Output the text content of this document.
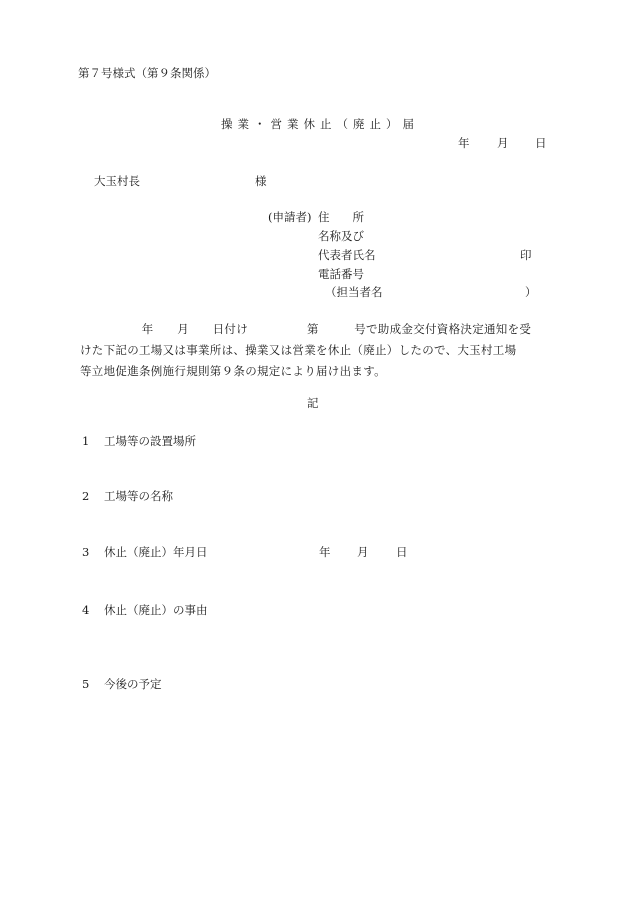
第７号様式（第９条関係）
操業・営業休止（廃止）届
年 月 日
大玉村長	様
(申請者) 住　　所
名称及び
代表者氏名	印
電話番号
（担当者名	）
　年　　月　　日付け　　　　　第　　　号で助成金交付資格決定通知を受
けた下記の工場又は事業所は、操業又は営業を休止（廃止）したので、大玉村工場
等立地促進条例施行規則第９条の規定により届け出ます。
記
1 工場等の設置場所
2 工場等の名称
3 休止（廃止）年月日	年 月 日
4 休止（廃止）の事由
5 今後の予定
